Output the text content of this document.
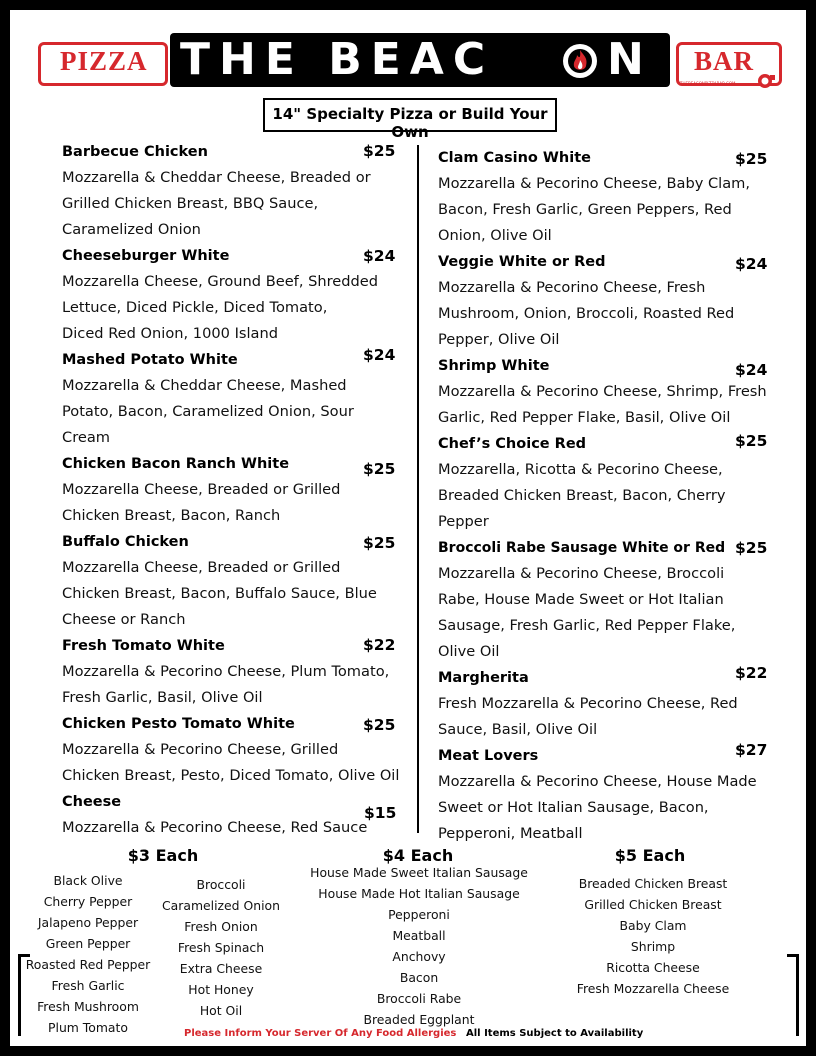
PIZZA	BAR
THEBEACONPIZZABAR.COM
THE BEAC	N
14" Specialty Pizza or Build Your Own
Barbecue Chicken	$25
Mozzarella & Cheddar Cheese, Breaded or
Grilled Chicken Breast, BBQ Sauce,
Caramelized Onion
Cheeseburger White	$24
Mozzarella Cheese, Ground Beef, Shredded
Lettuce, Diced Pickle, Diced Tomato,
Diced Red Onion, 1000 Island
Mashed Potato White	$24
Mozzarella & Cheddar Cheese, Mashed
Potato, Bacon, Caramelized Onion, Sour
Cream
Chicken Bacon Ranch White	$25
Mozzarella Cheese, Breaded or Grilled
Chicken Breast, Bacon, Ranch
Buffalo Chicken	$25
Mozzarella Cheese, Breaded or Grilled
Chicken Breast, Bacon, Buffalo Sauce, Blue
Cheese or Ranch
Fresh Tomato White	$22
Mozzarella & Pecorino Cheese, Plum Tomato,
Fresh Garlic, Basil, Olive Oil
Chicken Pesto Tomato White	$25
Mozzarella & Pecorino Cheese, Grilled
Chicken Breast, Pesto, Diced Tomato, Olive Oil
Cheese
$15
Mozzarella & Pecorino Cheese, Red Sauce
Clam Casino White	$25
Mozzarella & Pecorino Cheese, Baby Clam,
Bacon, Fresh Garlic, Green Peppers, Red
Onion, Olive Oil
Veggie White or Red	$24
Mozzarella & Pecorino Cheese, Fresh
Mushroom, Onion, Broccoli, Roasted Red
Pepper, Olive Oil
Shrimp White	$24
Mozzarella & Pecorino Cheese, Shrimp, Fresh
Garlic, Red Pepper Flake, Basil, Olive Oil
Chef’s Choice Red	$25
Mozzarella, Ricotta & Pecorino Cheese,
Breaded Chicken Breast, Bacon, Cherry
Pepper
Broccoli Rabe Sausage White or Red $25
Mozzarella & Pecorino Cheese, Broccoli
Rabe, House Made Sweet or Hot Italian
Sausage, Fresh Garlic, Red Pepper Flake,
Olive Oil
Margherita	$22
Fresh Mozzarella & Pecorino Cheese, Red
Sauce, Basil, Olive Oil
Meat Lovers	$27
Mozzarella & Pecorino Cheese, House Made
Sweet or Hot Italian Sausage, Bacon,
Pepperoni, Meatball
$3 Each
Black Olive
Cherry Pepper
Jalapeno Pepper
Green Pepper
Roasted Red Pepper
Fresh Garlic
Fresh Mushroom
Plum Tomato
Broccoli
Caramelized Onion
Fresh Onion
Fresh Spinach
Extra Cheese
Hot Honey
Hot Oil
$4 Each
House Made Sweet Italian Sausage
House Made Hot Italian Sausage
Pepperoni
Meatball
Anchovy
Bacon
Broccoli Rabe
Breaded Eggplant
$5 Each
Breaded Chicken Breast
Grilled Chicken Breast
Baby Clam
Shrimp
Ricotta Cheese
Fresh Mozzarella Cheese
Please Inform Your Server Of Any Food Allergies All Items Subject to Availability
